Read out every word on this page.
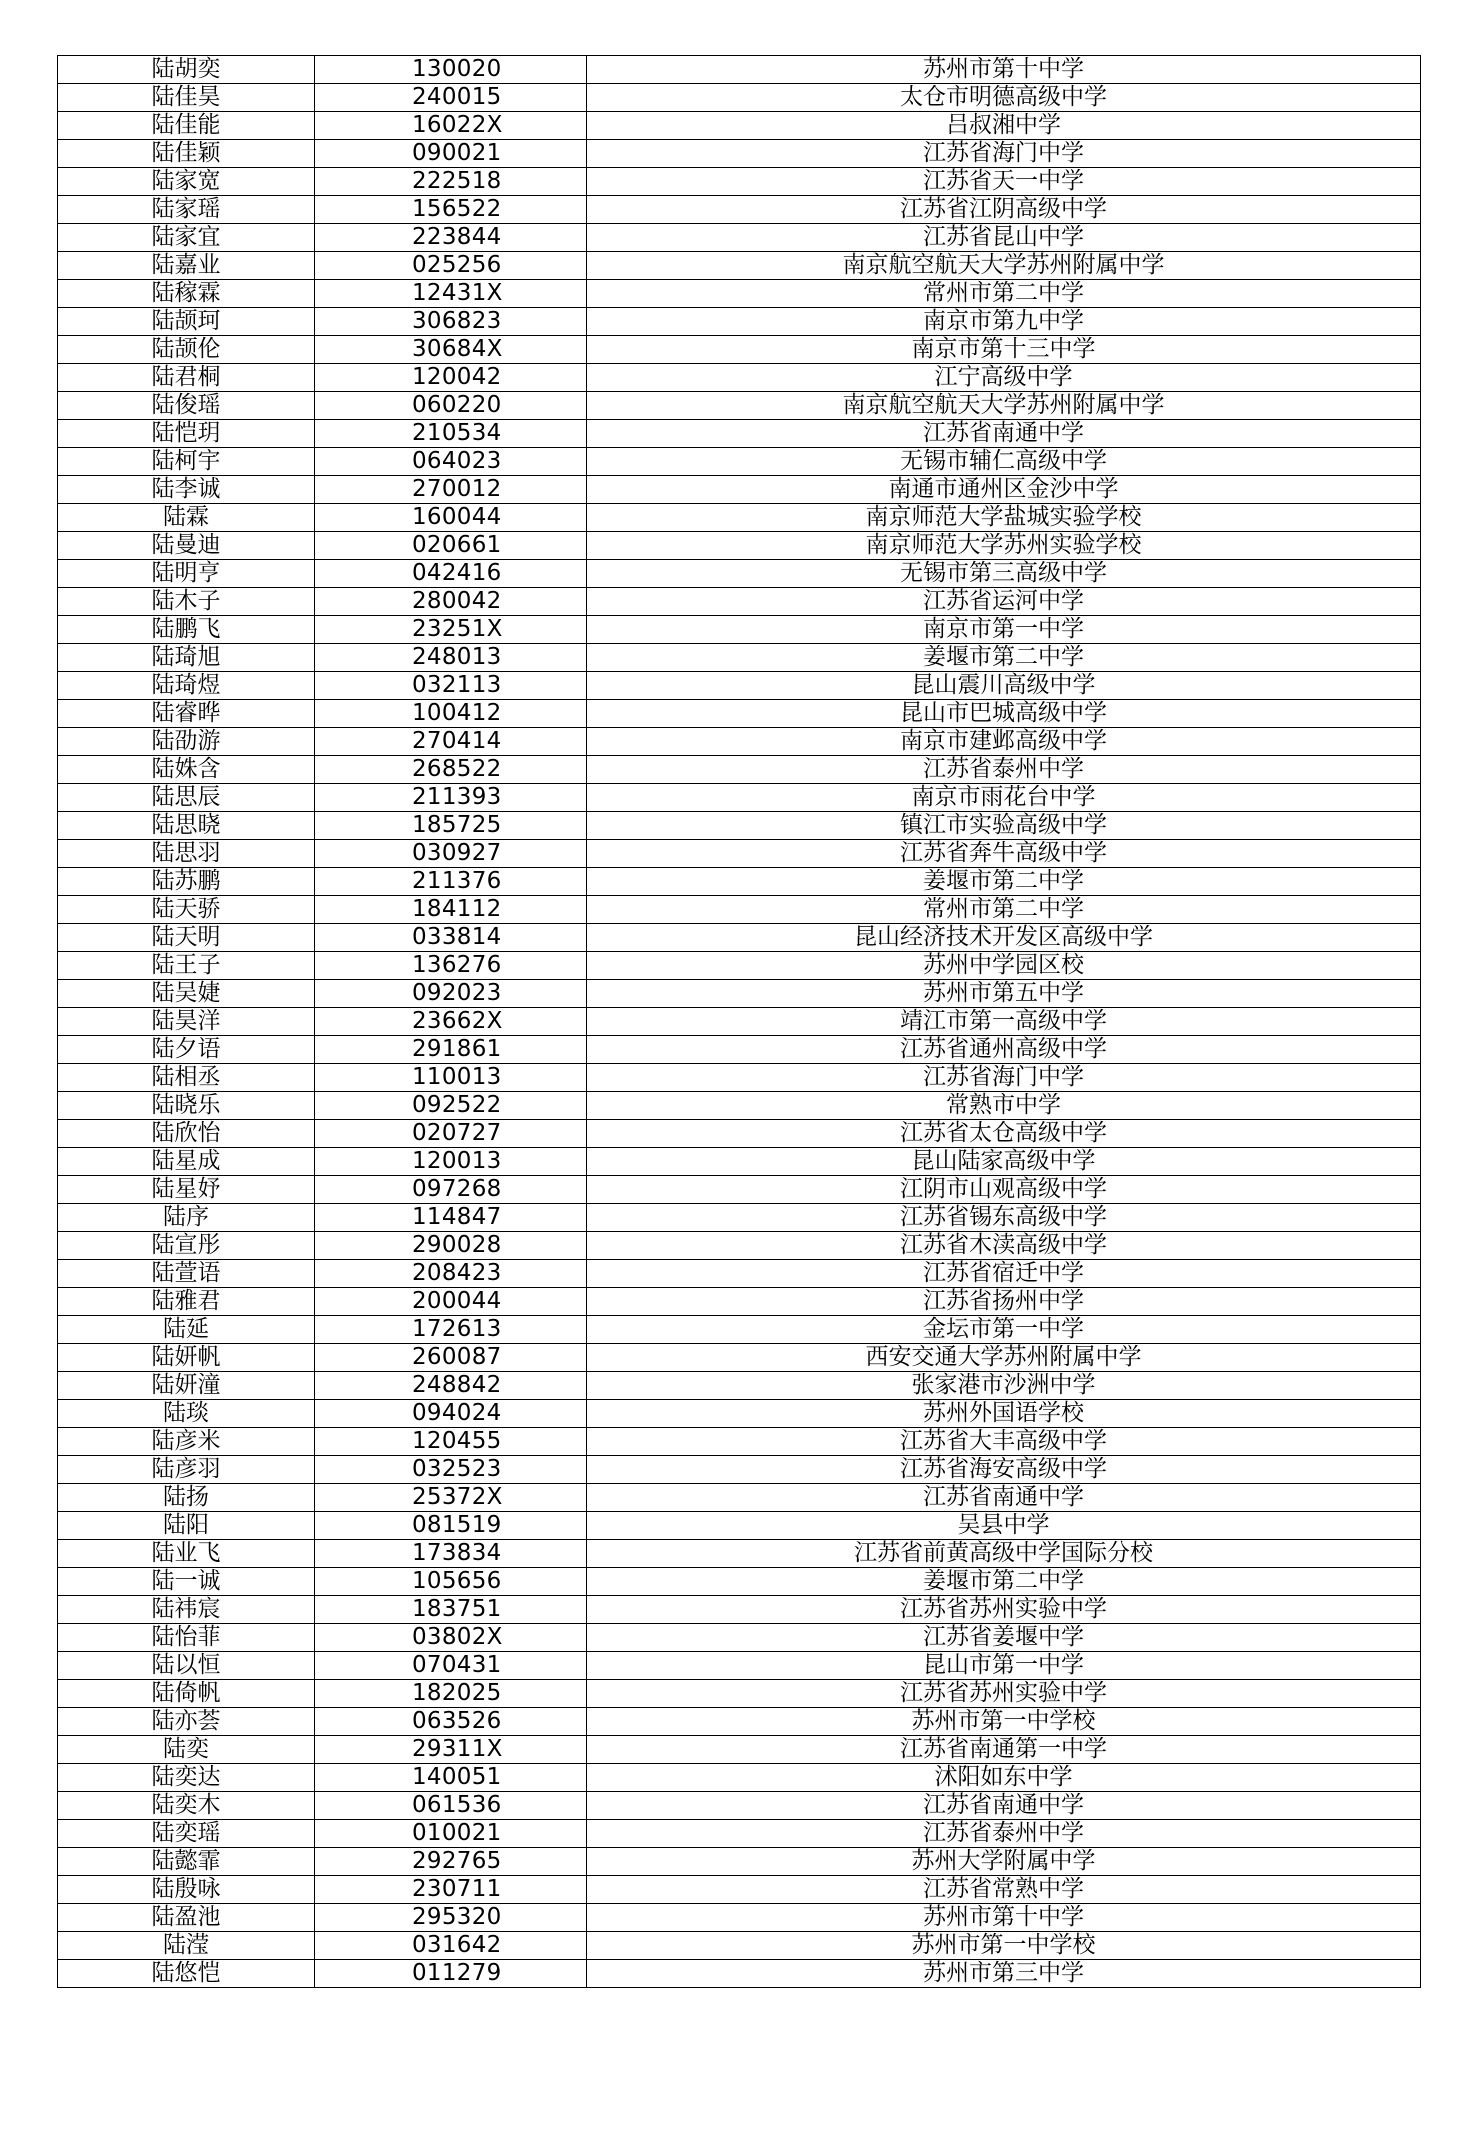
陆胡奕	130020	苏州市第十中学
陆佳昊	240015	太仓市明德高级中学
陆佳能	16022X	吕叔湘中学
陆佳颖	090021	江苏省海门中学
陆家宽	222518	江苏省天一中学
陆家瑶	156522	江苏省江阴高级中学
陆家宜	223844	江苏省昆山中学
陆嘉业	025256	南京航空航天大学苏州附属中学
陆稼霖	12431X	常州市第二中学
陆颉珂	306823	南京市第九中学
陆颉伦	30684X	南京市第十三中学
陆君桐	120042	江宁高级中学
陆俊瑶	060220	南京航空航天大学苏州附属中学
陆恺玥	210534	江苏省南通中学
陆柯宇	064023	无锡市辅仁高级中学
陆李诚	270012	南通市通州区金沙中学
陆霖	160044	南京师范大学盐城实验学校
陆曼迪	020661	南京师范大学苏州实验学校
陆明亨	042416	无锡市第三高级中学
陆木子	280042	江苏省运河中学
陆鹏飞	23251X	南京市第一中学
陆琦旭	248013	姜堰市第二中学
陆琦煜	032113	昆山震川高级中学
陆睿晔	100412	昆山市巴城高级中学
陆劭游	270414	南京市建邺高级中学
陆姝含	268522	江苏省泰州中学
陆思辰	211393	南京市雨花台中学
陆思晓	185725	镇江市实验高级中学
陆思羽	030927	江苏省奔牛高级中学
陆苏鹏	211376	姜堰市第二中学
陆天骄	184112	常州市第二中学
陆天明	033814	昆山经济技术开发区高级中学
陆王子	136276	苏州中学园区校
陆吴婕	092023	苏州市第五中学
陆昊洋	23662X	靖江市第一高级中学
陆夕语	291861	江苏省通州高级中学
陆相丞	110013	江苏省海门中学
陆晓乐	092522	常熟市中学
陆欣怡	020727	江苏省太仓高级中学
陆星成	120013	昆山陆家高级中学
陆星妤	097268	江阴市山观高级中学
陆序	114847	江苏省锡东高级中学
陆宣彤	290028	江苏省木渎高级中学
陆萱语	208423	江苏省宿迁中学
陆雅君	200044	江苏省扬州中学
陆延	172613	金坛市第一中学
陆妍帆	260087	西安交通大学苏州附属中学
陆妍潼	248842	张家港市沙洲中学
陆琰	094024	苏州外国语学校
陆彦米	120455	江苏省大丰高级中学
陆彦羽	032523	江苏省海安高级中学
陆扬	25372X	江苏省南通中学
陆阳	081519	吴县中学
陆业飞	173834	江苏省前黄高级中学国际分校
陆一诚	105656	姜堰市第二中学
陆祎宸	183751	江苏省苏州实验中学
陆怡菲	03802X	江苏省姜堰中学
陆以恒	070431	昆山市第一中学
陆倚帆	182025	江苏省苏州实验中学
陆亦荟	063526	苏州市第一中学校
陆奕	29311X	江苏省南通第一中学
陆奕达	140051	沭阳如东中学
陆奕木	061536	江苏省南通中学
陆奕瑶	010021	江苏省泰州中学
陆懿霏	292765	苏州大学附属中学
陆殷咏	230711	江苏省常熟中学
陆盈池	295320	苏州市第十中学
陆滢	031642	苏州市第一中学校
陆悠恺	011279	苏州市第三中学
